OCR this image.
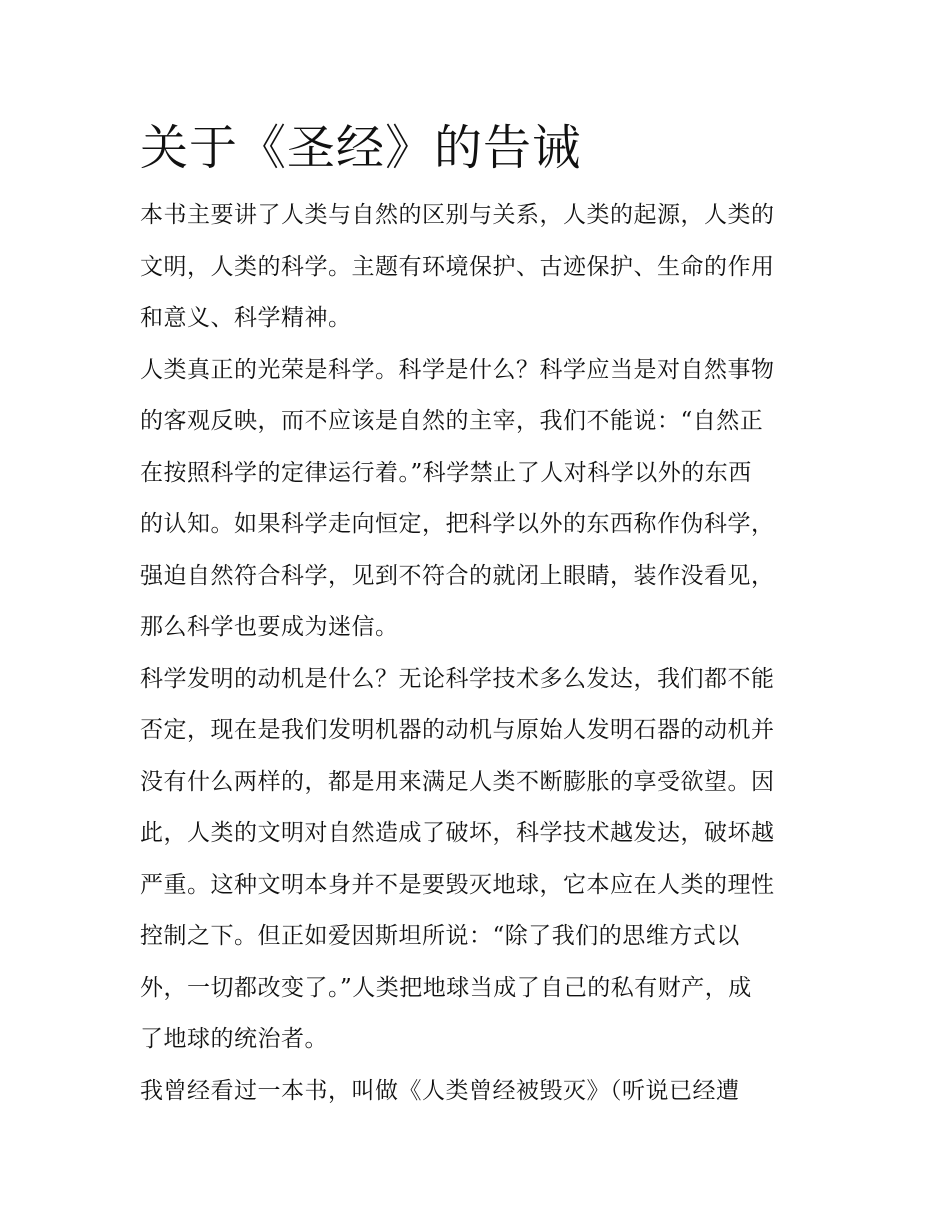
关于《圣经》的告诫

本书主要讲了人类与自然的区别与关系，人类的起源，人类的
文明，人类的科学。主题有环境保护、古迹保护、生命的作用
和意义、科学精神。

人类真正的光荣是科学。科学是什么？科学应当是对自然事物
的客观反映，而不应该是自然的主宰，我们不能说：“自然正
在按照科学的定律运行着。”科学禁止了人对科学以外的东西
的认知。如果科学走向恒定，把科学以外的东西称作伪科学，
强迫自然符合科学，见到不符合的就闭上眼睛，装作没看见，
那么科学也要成为迷信。

科学发明的动机是什么？无论科学技术多么发达，我们都不能
否定，现在是我们发明机器的动机与原始人发明石器的动机并
没有什么两样的，都是用来满足人类不断膨胀的享受欲望。因
此，人类的文明对自然造成了破坏，科学技术越发达，破坏越
严重。这种文明本身并不是要毁灭地球，它本应在人类的理性
控制之下。但正如爱因斯坦所说：“除了我们的思维方式以
外，一切都改变了。”人类把地球当成了自己的私有财产，成
了地球的统治者。

我曾经看过一本书，叫做《人类曾经被毁灭》（听说已经遭
